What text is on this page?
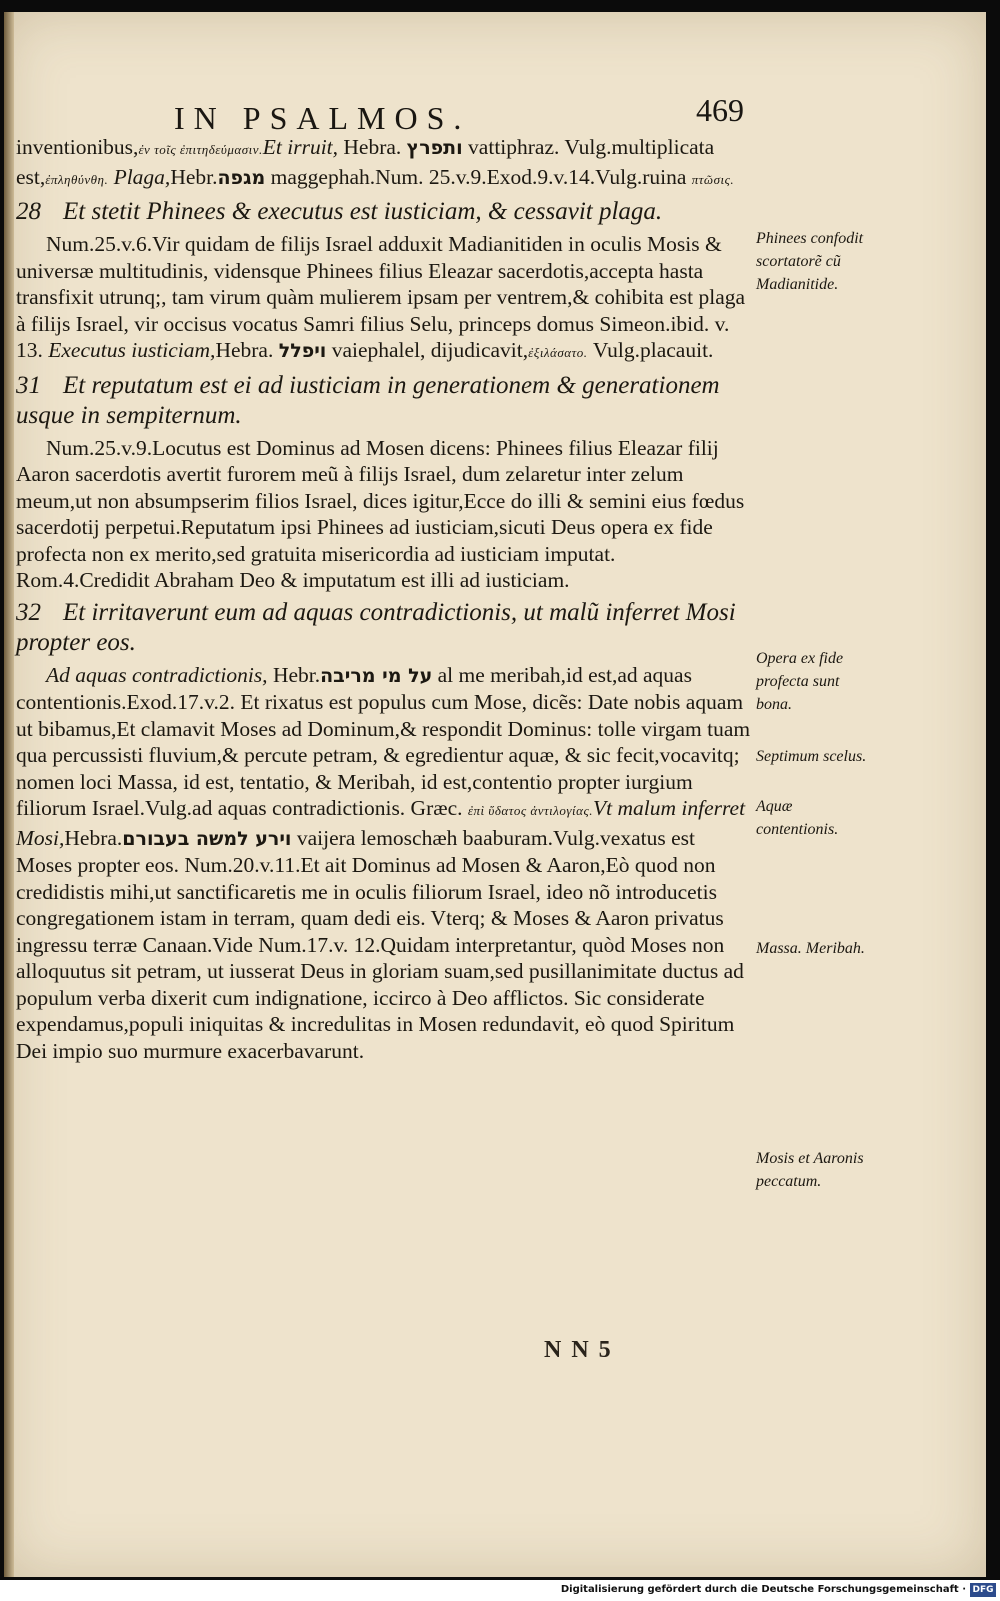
IN PSALMOS.	469

inventionibus,ἐν τοῖς ἐπιτηδεύμασιν.Et irruit, Hebra. ותפרץ vattiphraz. Vulg.multiplicata est,ἐπληθύνθη. Plaga,Hebr.מגפה maggephah.Num. 25.v.9.Exod.9.v.14.Vulg.ruina πτῶσις.

28 Et stetit Phinees & executus est iusticiam, & cessavit plaga.

Num.25.v.6.Vir quidam de filijs Israel adduxit Madianitiden in oculis Mosis & universæ multitudinis, vidensque Phinees filius Eleazar sacerdotis,accepta hasta transfixit utrunq;, tam virum quàm mulierem ipsam per ventrem,& cohibita est plaga à filijs Israel, vir occisus vocatus Samri filius Selu, princeps domus Simeon.ibid. v. 13. Executus iusticiam,Hebra. ויפלל vaiephalel, dijudicavit,ἐξιλάσατο. Vulg.placauit.

31 Et reputatum est ei ad iusticiam in generationem & generationem usque in sempiternum.

Num.25.v.9.Locutus est Dominus ad Mosen dicens: Phinees filius Eleazar filij Aaron sacerdotis avertit furorem meũ à filijs Israel, dum zelaretur inter zelum meum,ut non absumpserim filios Israel, dices igitur,Ecce do illi & semini eius fœdus sacerdotij perpetui.Reputatum ipsi Phinees ad iusticiam,sicuti Deus opera ex fide profecta non ex merito,sed gratuita misericordia ad iusticiam imputat. Rom.4.Credidit Abraham Deo & imputatum est illi ad iusticiam.

32 Et irritaverunt eum ad aquas contradictionis, ut malũ inferret Mosi propter eos.

Ad aquas contradictionis, Hebr.על מי מריבה al me meribah,id est,ad aquas contentionis.Exod.17.v.2. Et rixatus est populus cum Mose, dicẽs: Date nobis aquam ut bibamus,Et clamavit Moses ad Dominum,& respondit Dominus: tolle virgam tuam qua percussisti fluvium,& percute petram, & egredientur aquæ, & sic fecit,vocavitq; nomen loci Massa, id est, tentatio, & Meribah, id est,contentio propter iurgium filiorum Israel.Vulg.ad aquas contradictionis. Græc. ἐπὶ ὕδατος ἀντιλογίας.Vt malum inferret Mosi,Hebra.וירע למשה בעבורם vaijera lemoschæh baaburam.Vulg.vexatus est Moses propter eos. Num.20.v.11.Et ait Dominus ad Mosen & Aaron,Eò quod non credidistis mihi,ut sanctificaretis me in oculis filiorum Israel, ideo nõ introducetis congregationem istam in terram, quam dedi eis. Vterq; & Moses & Aaron privatus ingressu terræ Canaan.Vide Num.17.v. 12.Quidam interpretantur, quòd Moses non alloquutus sit petram, ut iusserat Deus in gloriam suam,sed pusillanimitate ductus ad populum verba dixerit cum indignatione, iccirco à Deo afflictos. Sic considerate expendamus,populi iniquitas & incredulitas in Mosen redundavit, eò quod Spiritum Dei impio suo murmure exacerbavarunt.

Phinees confodit scortatorẽ cũ Madianitide.
Opera ex fide profecta sunt bona.
Septimum scelus.
Aquæ contentionis.
Massa. Meribah.
Mosis et Aaronis peccatum.
N N 5
Digitalisierung gefördert durch die Deutsche Forschungsgemeinschaft · DFG
